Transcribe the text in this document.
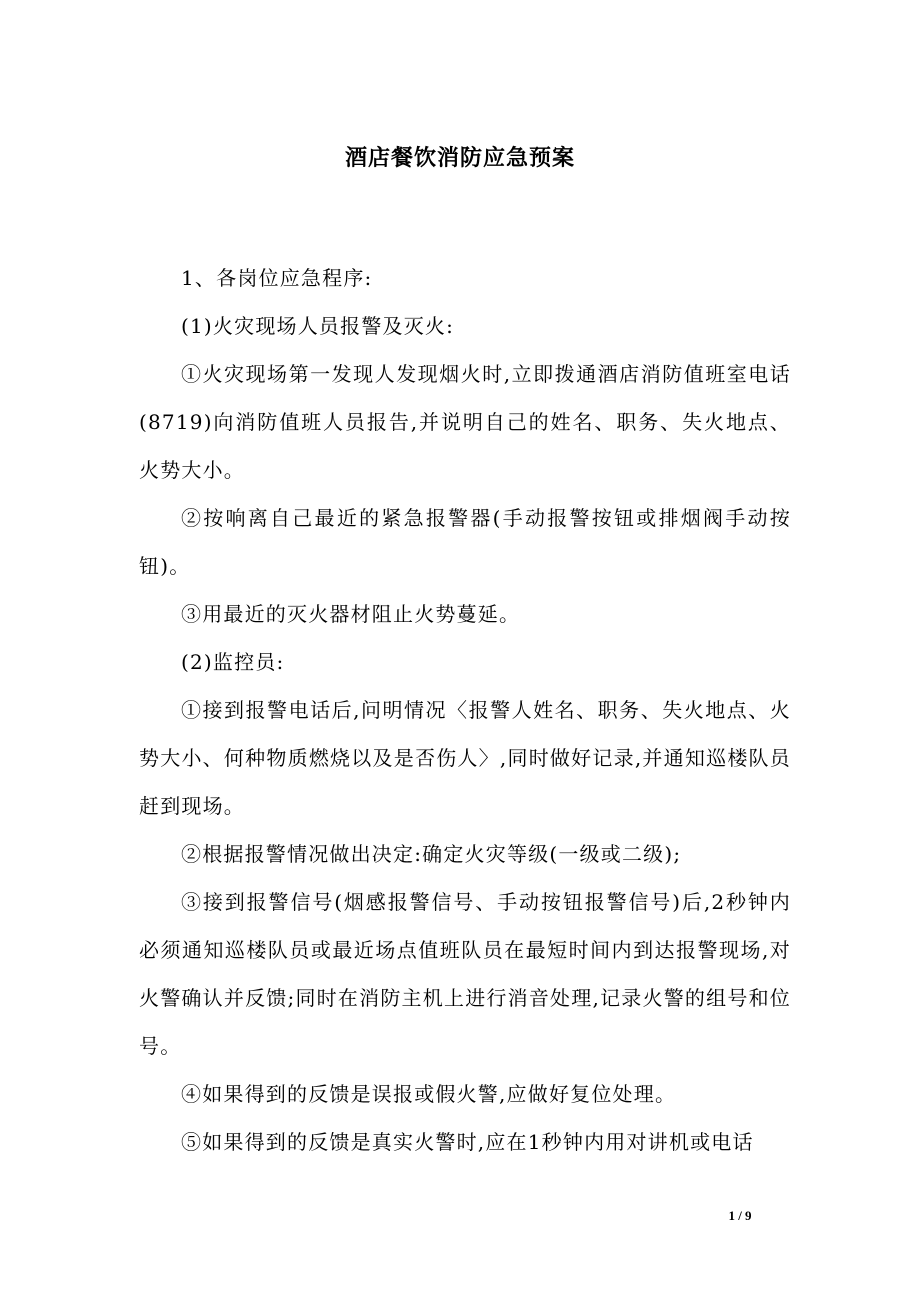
酒店餐饮消防应急预案

1、各岗位应急程序:

(1)火灾现场人员报警及灭火:

①火灾现场第一发现人发现烟火时,立即拨通酒店消防值班室电话(8719)向消防值班人员报告,并说明自己的姓名、职务、失火地点、火势大小。

②按响离自己最近的紧急报警器(手动报警按钮或排烟阀手动按钮)。

③用最近的灭火器材阻止火势蔓延。

(2)监控员:

①接到报警电话后,问明情况〈报警人姓名、职务、失火地点、火势大小、何种物质燃烧以及是否伤人〉,同时做好记录,并通知巡楼队员赶到现场。

②根据报警情况做出决定:确定火灾等级(一级或二级);

③接到报警信号(烟感报警信号、手动按钮报警信号)后,2秒钟内必须通知巡楼队员或最近场点值班队员在最短时间内到达报警现场,对火警确认并反馈;同时在消防主机上进行消音处理,记录火警的组号和位号。

④如果得到的反馈是误报或假火警,应做好复位处理。

⑤如果得到的反馈是真实火警时,应在1秒钟内用对讲机或电话

1 / 9
